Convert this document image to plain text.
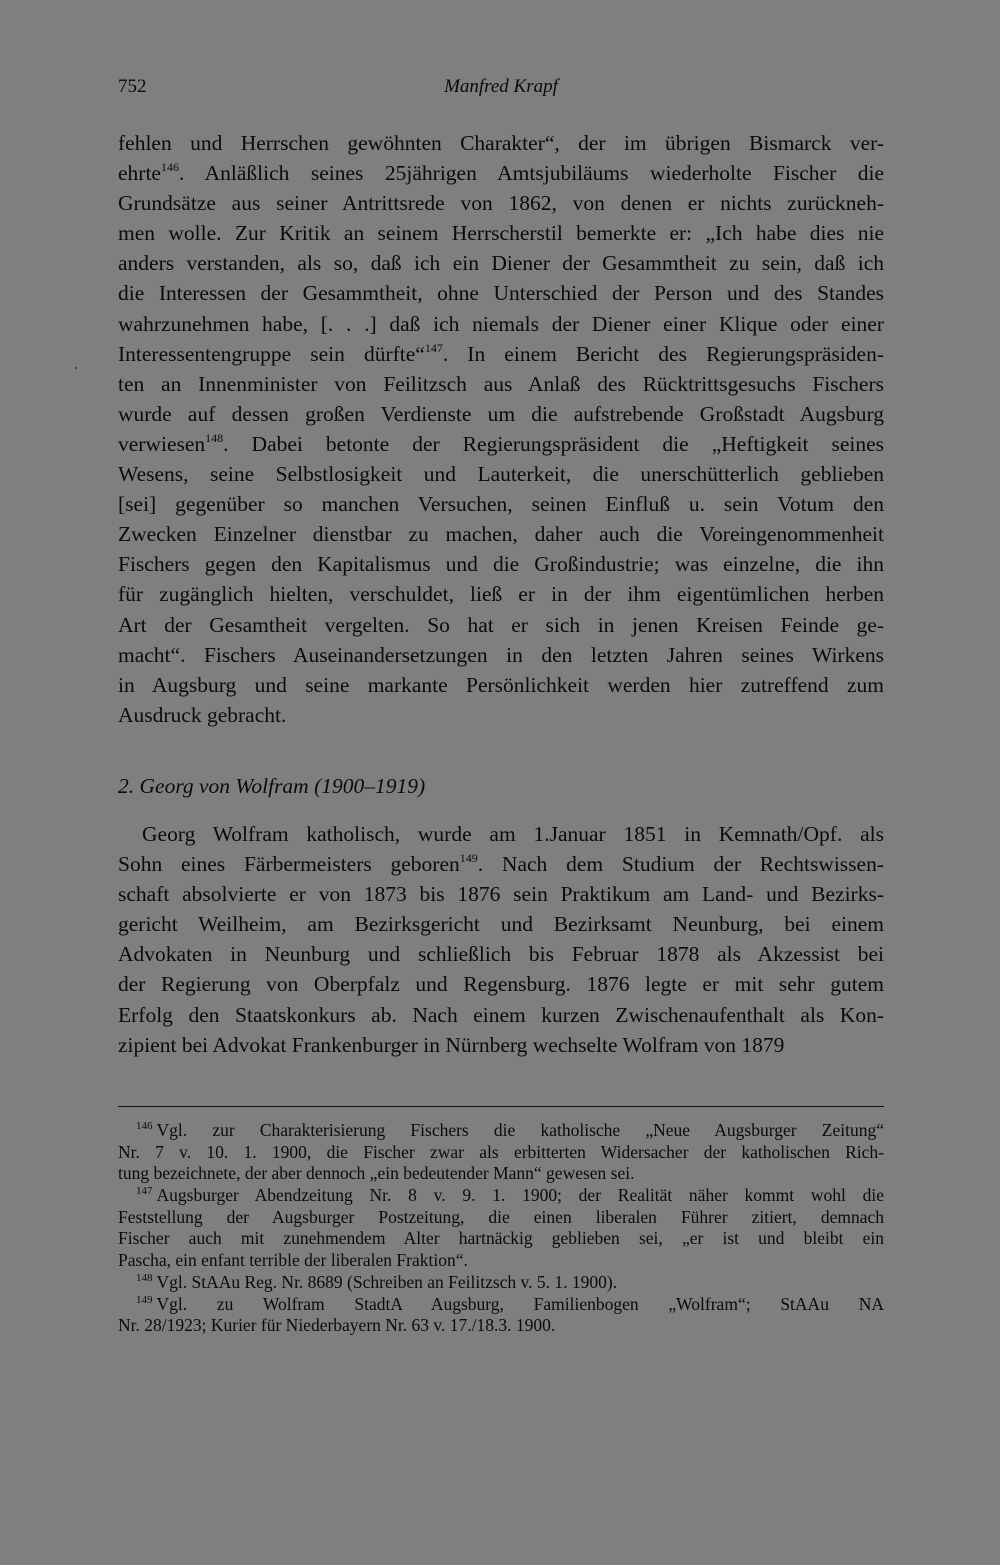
752	Manfred Krapf
fehlen und Herrschen gewöhnten Charakter“, der im übrigen Bismarck ver-
ehrte$^{146}$. Anläßlich seines 25jährigen Amtsjubiläums wiederholte Fischer die
Grundsätze aus seiner Antrittsrede von 1862, von denen er nichts zurückneh-
men wolle. Zur Kritik an seinem Herrscherstil bemerkte er: „Ich habe dies nie
anders verstanden, als so, daß ich ein Diener der Gesammtheit zu sein, daß ich
die Interessen der Gesammtheit, ohne Unterschied der Person und des Standes
wahrzunehmen habe, [. . .] daß ich niemals der Diener einer Klique oder einer
Interessentengruppe sein dürfte“$^{147}$. In einem Bericht des Regierungspräsiden-
ten an Innenminister von Feilitzsch aus Anlaß des Rücktrittsgesuchs Fischers
wurde auf dessen großen Verdienste um die aufstrebende Großstadt Augsburg
verwiesen$^{148}$. Dabei betonte der Regierungspräsident die „Heftigkeit seines
Wesens, seine Selbstlosigkeit und Lauterkeit, die unerschütterlich geblieben
[sei] gegenüber so manchen Versuchen, seinen Einfluß u. sein Votum den
Zwecken Einzelner dienstbar zu machen, daher auch die Voreingenommenheit
Fischers gegen den Kapitalismus und die Großindustrie; was einzelne, die ihn
für zugänglich hielten, verschuldet, ließ er in der ihm eigentümlichen herben
Art der Gesamtheit vergelten. So hat er sich in jenen Kreisen Feinde ge-
macht“. Fischers Auseinandersetzungen in den letzten Jahren seines Wirkens
in Augsburg und seine markante Persönlichkeit werden hier zutreffend zum
Ausdruck gebracht.
2. Georg von Wolfram (1900–1919)
Georg Wolfram katholisch, wurde am 1.Januar 1851 in Kemnath/Opf. als
Sohn eines Färbermeisters geboren$^{149}$. Nach dem Studium der Rechtswissen-
schaft absolvierte er von 1873 bis 1876 sein Praktikum am Land- und Bezirks-
gericht Weilheim, am Bezirksgericht und Bezirksamt Neunburg, bei einem
Advokaten in Neunburg und schließlich bis Februar 1878 als Akzessist bei
der Regierung von Oberpfalz und Regensburg. 1876 legte er mit sehr gutem
Erfolg den Staatskonkurs ab. Nach einem kurzen Zwischenaufenthalt als Kon-
zipient bei Advokat Frankenburger in Nürnberg wechselte Wolfram von 1879
$^{146}$ Vgl. zur Charakterisierung Fischers die katholische „Neue Augsburger Zeitung“
Nr. 7 v. 10. 1. 1900, die Fischer zwar als erbitterten Widersacher der katholischen Rich-
tung bezeichnete, der aber dennoch „ein bedeutender Mann“ gewesen sei.
$^{147}$ Augsburger Abendzeitung Nr. 8 v. 9. 1. 1900; der Realität näher kommt wohl die
Feststellung der Augsburger Postzeitung, die einen liberalen Führer zitiert, demnach
Fischer auch mit zunehmendem Alter hartnäckig geblieben sei, „er ist und bleibt ein
Pascha, ein enfant terrible der liberalen Fraktion“.
$^{148}$ Vgl. StAAu Reg. Nr. 8689 (Schreiben an Feilitzsch v. 5. 1. 1900).
$^{149}$ Vgl. zu Wolfram StadtA Augsburg, Familienbogen „Wolfram“; StAAu NA
Nr. 28/1923; Kurier für Niederbayern Nr. 63 v. 17./18.3. 1900.
